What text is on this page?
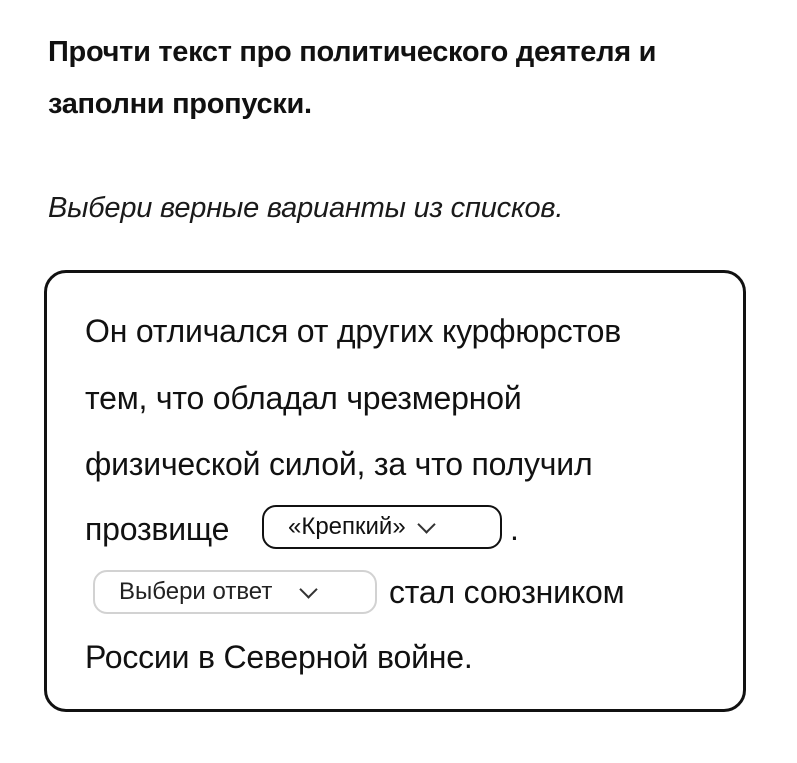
Прочти текст про политического деятеля и
заполни пропуски.
Выбери верные варианты из списков.
Он отличался от других курфюрстов
тем, что обладал чрезмерной
физической силой, за что получил
прозвище «Крепкий»	.
Выбери ответ	стал союзником
России в Северной войне.
